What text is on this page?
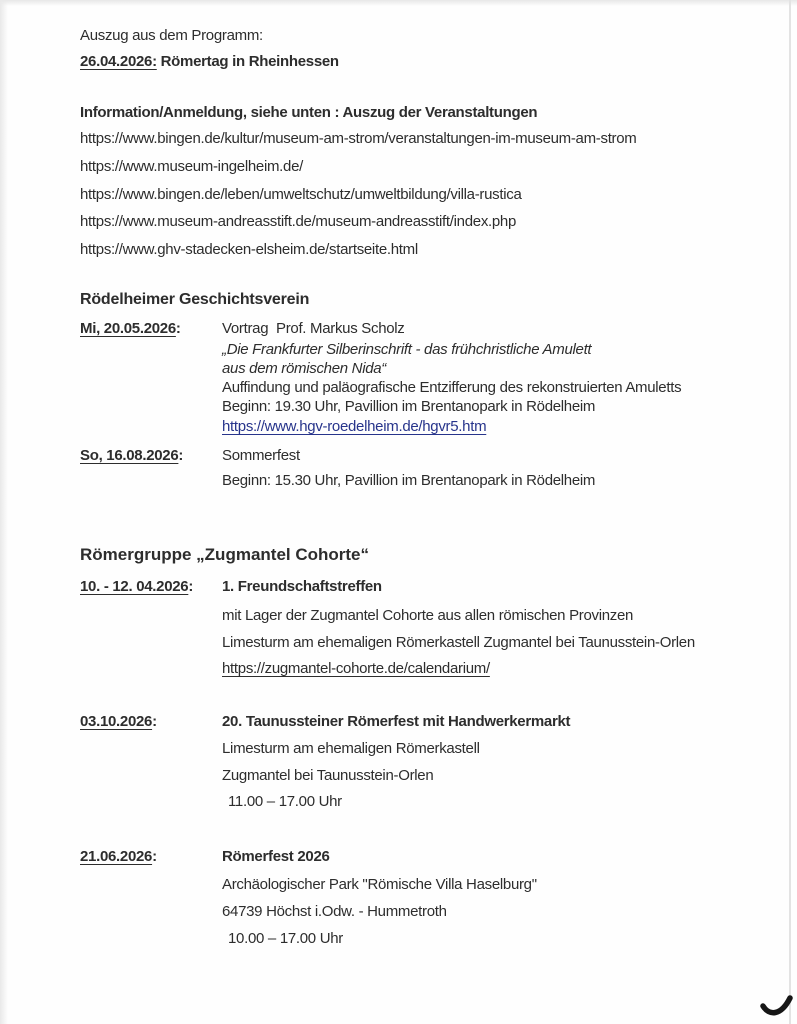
Auszug aus dem Programm:
26.04.2026: Römertag in Rheinhessen
Information/Anmeldung, siehe unten : Auszug der Veranstaltungen
https://www.bingen.de/kultur/museum-am-strom/veranstaltungen-im-museum-am-strom
https://www.museum-ingelheim.de/
https://www.bingen.de/leben/umweltschutz/umweltbildung/villa-rustica
https://www.museum-andreasstift.de/museum-andreasstift/index.php
https://www.ghv-stadecken-elsheim.de/startseite.html
Rödelheimer Geschichtsverein
Mi, 20.05.2026:	Vortrag  Prof. Markus Scholz
„Die Frankfurter Silberinschrift - das frühchristliche Amulett
aus dem römischen Nida“
Auffindung und paläografische Entzifferung des rekonstruierten Amuletts
Beginn: 19.30 Uhr, Pavillion im Brentanopark in Rödelheim
https://www.hgv-roedelheim.de/hgvr5.htm
So, 16.08.2026:	Sommerfest
Beginn: 15.30 Uhr, Pavillion im Brentanopark in Rödelheim
Römergruppe „Zugmantel Cohorte“
10. - 12. 04.2026: 1. Freundschaftstreffen
mit Lager der Zugmantel Cohorte aus allen römischen Provinzen
Limesturm am ehemaligen Römerkastell Zugmantel bei Taunusstein-Orlen
https://zugmantel-cohorte.de/calendarium/
03.10.2026:	20. Taunussteiner Römerfest mit Handwerkermarkt
Limesturm am ehemaligen Römerkastell
Zugmantel bei Taunusstein-Orlen
11.00 – 17.00 Uhr
21.06.2026:	Römerfest 2026
Archäologischer Park "Römische Villa Haselburg"
64739 Höchst i.Odw. - Hummetroth
10.00 – 17.00 Uhr
